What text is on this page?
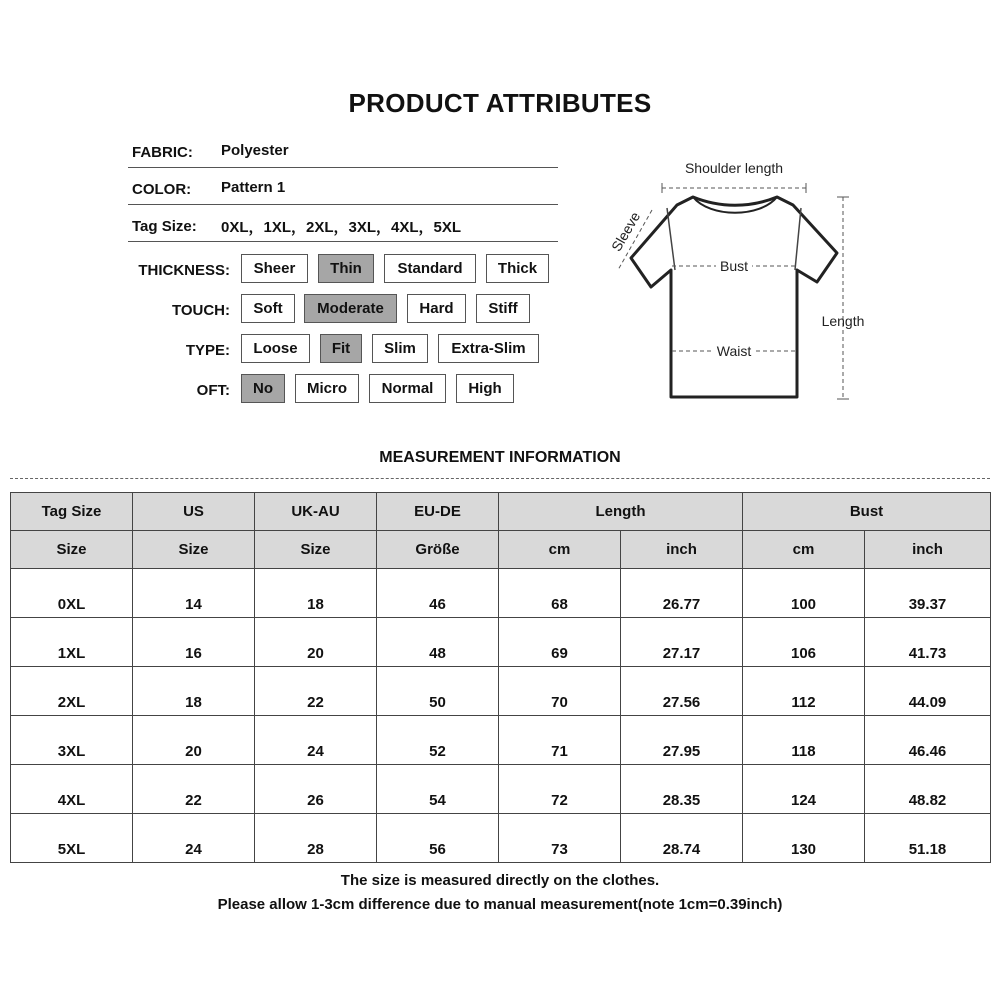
PRODUCT ATTRIBUTES
FABRIC: Polyester
COLOR: Pattern 1
Tag Size: 0XL，1XL，2XL，3XL，4XL，5XL
THICKNESS:	Sheer	Thin	Standard	Thick
TOUCH:	Soft	Moderate	Hard	Stiff
TYPE:	Loose	Fit	Slim	Extra-Slim
OFT:	No	Micro	Normal	High
Shoulder length
Sleeve
Bust
Waist
Length
MEASUREMENT INFORMATION
Tag Size	US	UK-AU	EU-DE	Length		Bust	
Size	Size	Size	Größe	cm	inch	cm	inch
0XL	14	18	46	68	26.77	100	39.37
1XL	16	20	48	69	27.17	106	41.73
2XL	18	22	50	70	27.56	112	44.09
3XL	20	24	52	71	27.95	118	46.46
4XL	22	26	54	72	28.35	124	48.82
5XL	24	28	56	73	28.74	130	51.18
The size is measured directly on the clothes.
Please allow 1-3cm difference due to manual measurement(note 1cm=0.39inch)
